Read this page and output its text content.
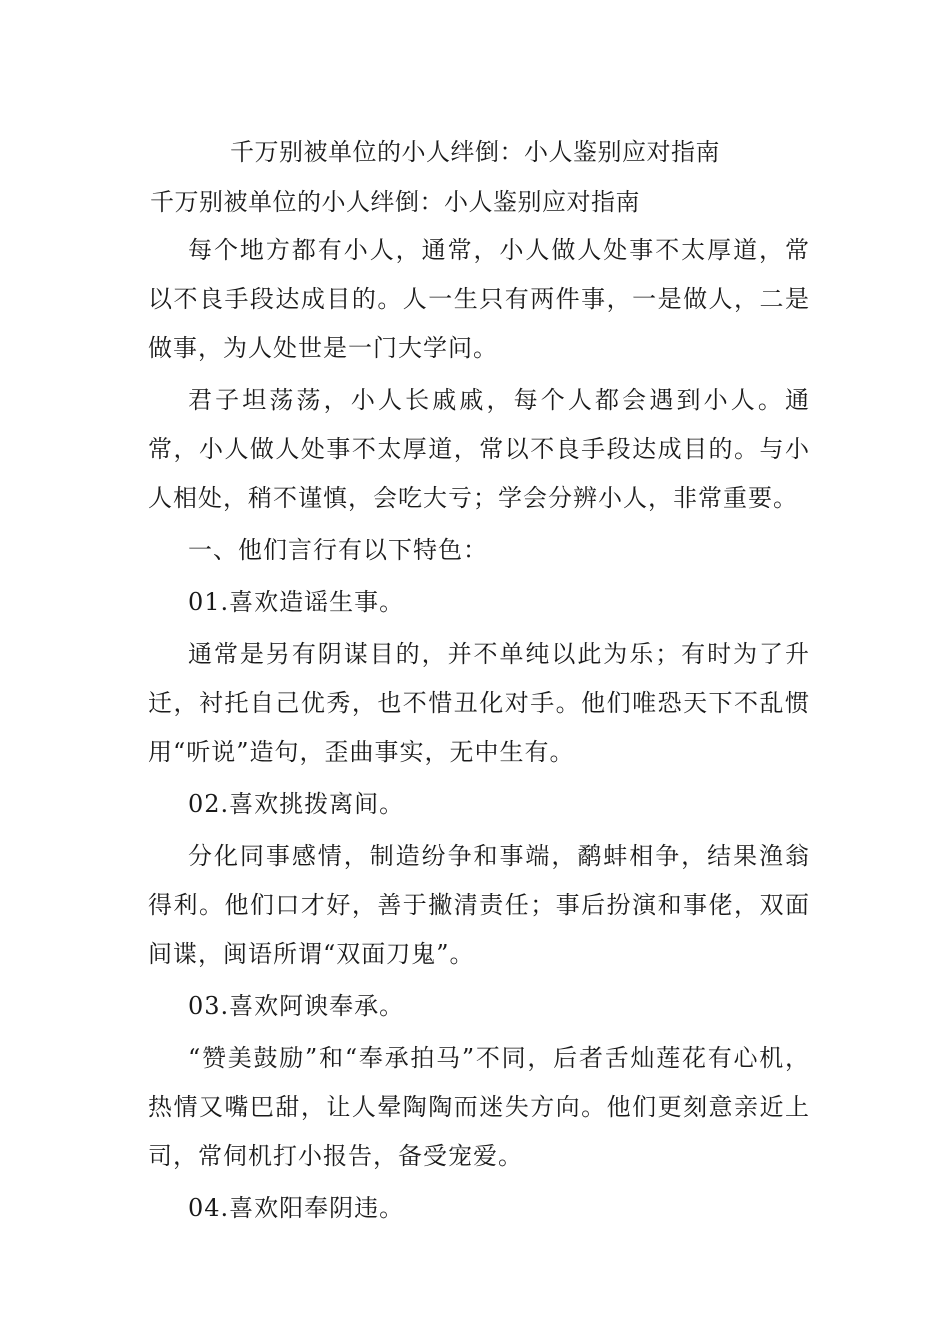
千万别被单位的小人绊倒：小人鉴别应对指南
千万别被单位的小人绊倒：小人鉴别应对指南

每个地方都有小人，通常，小人做人处事不太厚道，常以不良手段达成目的。人一生只有两件事，一是做人，二是做事，为人处世是一门大学问。

君子坦荡荡，小人长戚戚，每个人都会遇到小人。通常，小人做人处事不太厚道，常以不良手段达成目的。与小人相处，稍不谨慎，会吃大亏；学会分辨小人，非常重要。

一、他们言行有以下特色：

01.喜欢造谣生事。

通常是另有阴谋目的，并不单纯以此为乐；有时为了升迁，衬托自己优秀，也不惜丑化对手。他们唯恐天下不乱惯用“听说”造句，歪曲事实，无中生有。

02.喜欢挑拨离间。

分化同事感情，制造纷争和事端，鹬蚌相争，结果渔翁得利。他们口才好，善于撇清责任；事后扮演和事佬，双面间谍，闽语所谓“双面刀鬼”。

03.喜欢阿谀奉承。

“赞美鼓励”和“奉承拍马”不同，后者舌灿莲花有心机，热情又嘴巴甜，让人晕陶陶而迷失方向。他们更刻意亲近上司，常伺机打小报告，备受宠爱。

04.喜欢阳奉阴违。
